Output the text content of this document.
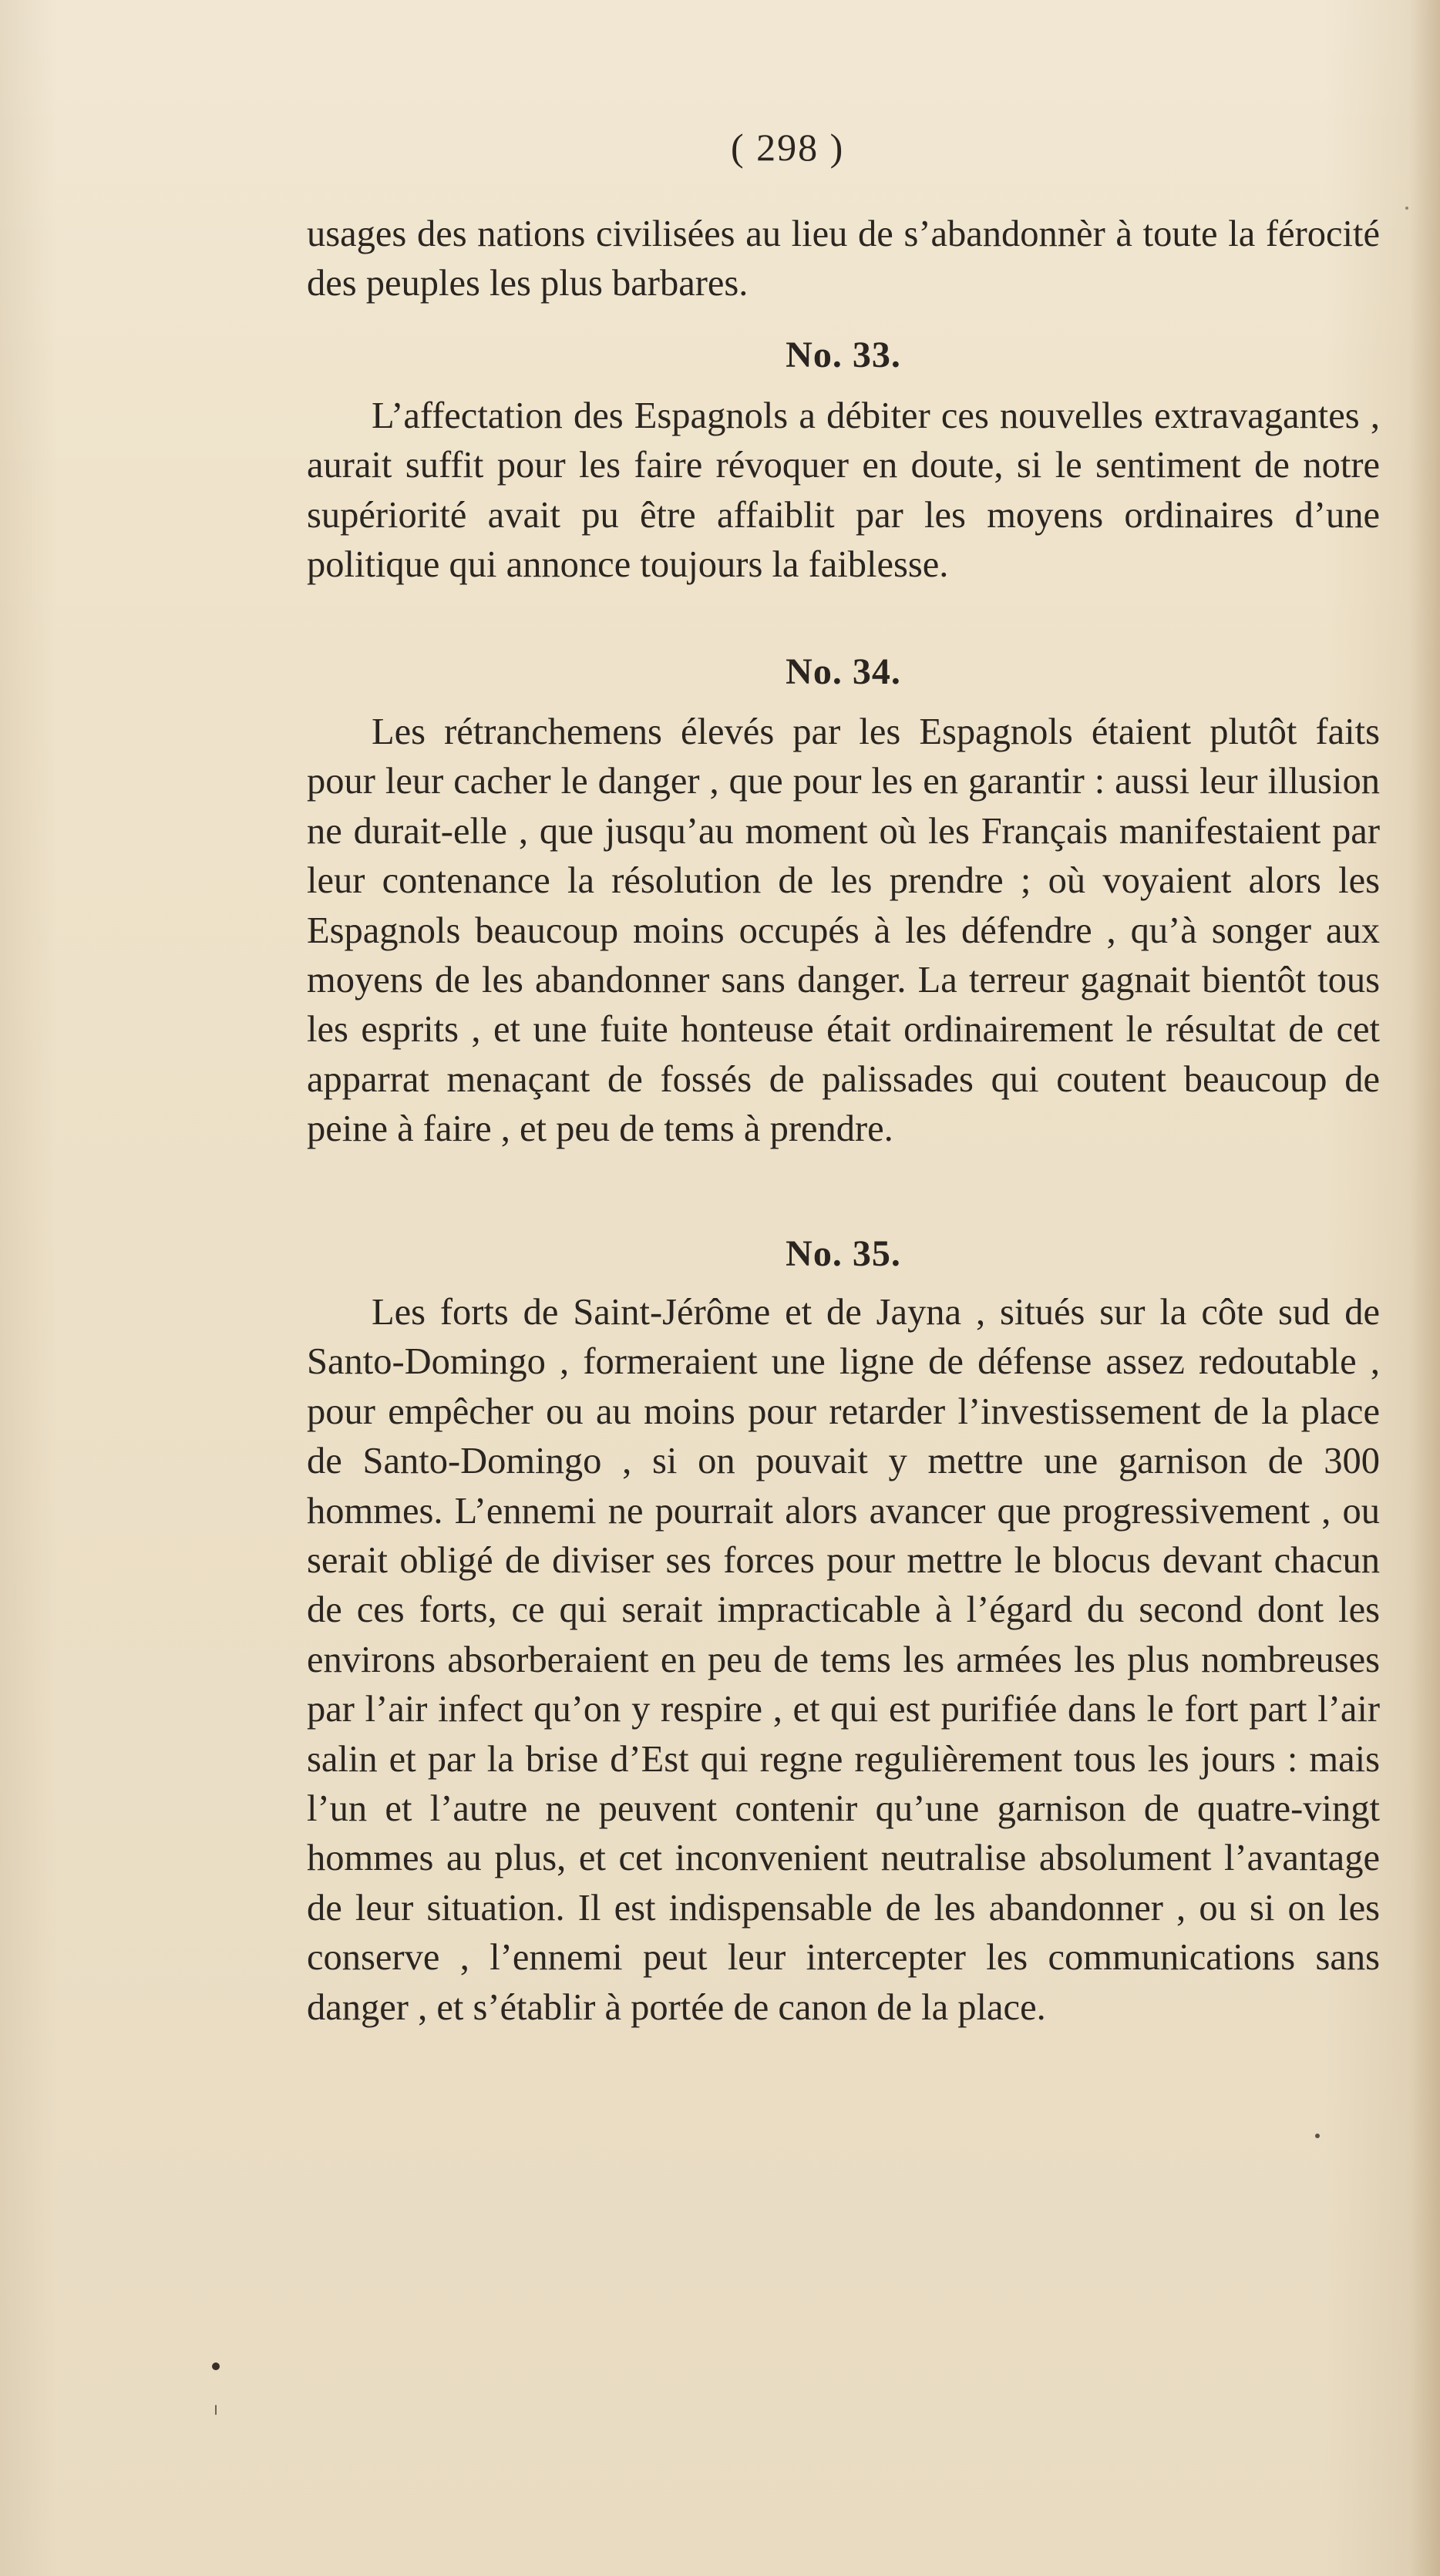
( 298 )

usages des nations civilisées au lieu de s’abandonnèr à toute la férocité des peuples les plus barbares.

No. 33.

L’affectation des Espagnols a débiter ces nouvelles extravagantes , aurait suffit pour les faire révoquer en doute, si le sentiment de notre supériorité avait pu être affaiblit par les moyens ordinaires d’une politique qui annonce toujours la faiblesse.

No. 34.

Les rétranchemens élevés par les Espagnols étaient plutôt faits pour leur cacher le danger , que pour les en garantir : aussi leur illusion ne durait-elle , que jusqu’au moment où les Français manifestaient par leur contenance la résolution de les prendre ; où voyaient alors les Espagnols beaucoup moins occupés à les défendre , qu’à songer aux moyens de les abandonner sans danger. La terreur gagnait bientôt tous les esprits , et une fuite honteuse était ordinairement le résultat de cet apparrat menaçant de fossés de palissades qui coutent beaucoup de peine à faire , et peu de tems à prendre.

No. 35.

Les forts de Saint-Jérôme et de Jayna , situés sur la côte sud de Santo-Domingo , formeraient une ligne de défense assez redoutable , pour empêcher ou au moins pour retarder l’investissement de la place de Santo-Domingo , si on pouvait y mettre une garnison de 300 hommes. L’ennemi ne pourrait alors avancer que progressivement , ou serait obligé de diviser ses forces pour mettre le blocus devant chacun de ces forts, ce qui serait impracticable à l’égard du second dont les environs absorberaient en peu de tems les armées les plus nombreuses par l’air infect qu’on y respire , et qui est purifiée dans le fort part l’air salin et par la brise d’Est qui regne regulièrement tous les jours : mais l’un et l’autre ne peuvent contenir qu’une garnison de quatre-vingt hommes au plus, et cet inconvenient neutralise absolument l’avantage de leur situation. Il est indispensable de les abandonner , ou si on les conserve , l’ennemi peut leur intercepter les communications sans danger , et s’établir à portée de canon de la place.
